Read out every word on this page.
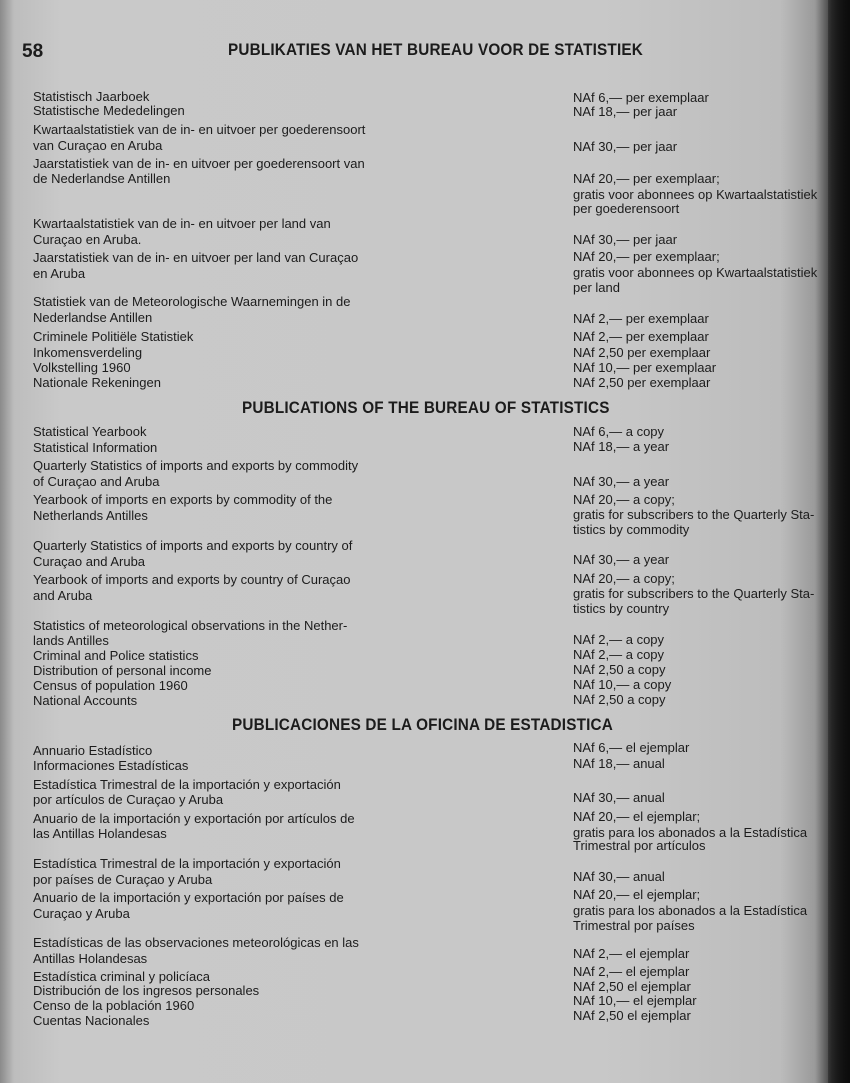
58	PUBLIKATIES VAN HET BUREAU VOOR DE STATISTIEK
Statistisch Jaarboek
Statistische Mededelingen
Kwartaalstatistiek van de in- en uitvoer per goederensoort
van Curaçao en Aruba
Jaarstatistiek van de in- en uitvoer per goederensoort van
de Nederlandse Antillen
Kwartaalstatistiek van de in- en uitvoer per land van
Curaçao en Aruba.
Jaarstatistiek van de in- en uitvoer per land van Curaçao
en Aruba
Statistiek van de Meteorologische Waarnemingen in de
Nederlandse Antillen
Criminele Politiële Statistiek
Inkomensverdeling
Volkstelling 1960
Nationale Rekeningen
NAf 6,— per exemplaar
NAf 18,— per jaar
NAf 30,— per jaar
NAf 20,— per exemplaar;
gratis voor abonnees op Kwartaalstatistiek
per goederensoort
NAf 30,— per jaar
NAf 20,— per exemplaar;
gratis voor abonnees op Kwartaalstatistiek
per land
NAf 2,— per exemplaar
NAf 2,— per exemplaar
NAf 2,50 per exemplaar
NAf 10,— per exemplaar
NAf 2,50 per exemplaar
PUBLICATIONS OF THE BUREAU OF STATISTICS
Statistical Yearbook
Statistical Information
Quarterly Statistics of imports and exports by commodity
of Curaçao and Aruba
Yearbook of imports en exports by commodity of the
Netherlands Antilles
Quarterly Statistics of imports and exports by country of
Curaçao and Aruba
Yearbook of imports and exports by country of Curaçao
and Aruba
Statistics of meteorological observations in the Nether-
lands Antilles
Criminal and Police statistics
Distribution of personal income
Census of population 1960
National Accounts
NAf 6,— a copy
NAf 18,— a year
NAf 30,— a year
NAf 20,— a copy;
gratis for subscribers to the Quarterly Sta-
tistics by commodity
NAf 30,— a year
NAf 20,— a copy;
gratis for subscribers to the Quarterly Sta-
tistics by country
NAf 2,— a copy
NAf 2,— a copy
NAf 2,50 a copy
NAf 10,— a copy
NAf 2,50 a copy
PUBLICACIONES DE LA OFICINA DE ESTADISTICA
Annuario Estadístico
Informaciones Estadísticas
Estadística Trimestral de la importación y exportación
por artículos de Curaçao y Aruba
Anuario de la importación y exportación por artículos de
las Antillas Holandesas
Estadística Trimestral de la importación y exportación
por países de Curaçao y Aruba
Anuario de la importación y exportación por países de
Curaçao y Aruba
Estadísticas de las observaciones meteorológicas en las
Antillas Holandesas
Estadística criminal y policíaca
Distribución de los ingresos personales
Censo de la población 1960
Cuentas Nacionales
NAf 6,— el ejemplar
NAf 18,— anual
NAf 30,— anual
NAf 20,— el ejemplar;
gratis para los abonados a la Estadística
Trimestral por artículos
NAf 30,— anual
NAf 20,— el ejemplar;
gratis para los abonados a la Estadística
Trimestral por países
NAf 2,— el ejemplar
NAf 2,— el ejemplar
NAf 2,50 el ejemplar
NAf 10,— el ejemplar
NAf 2,50 el ejemplar
